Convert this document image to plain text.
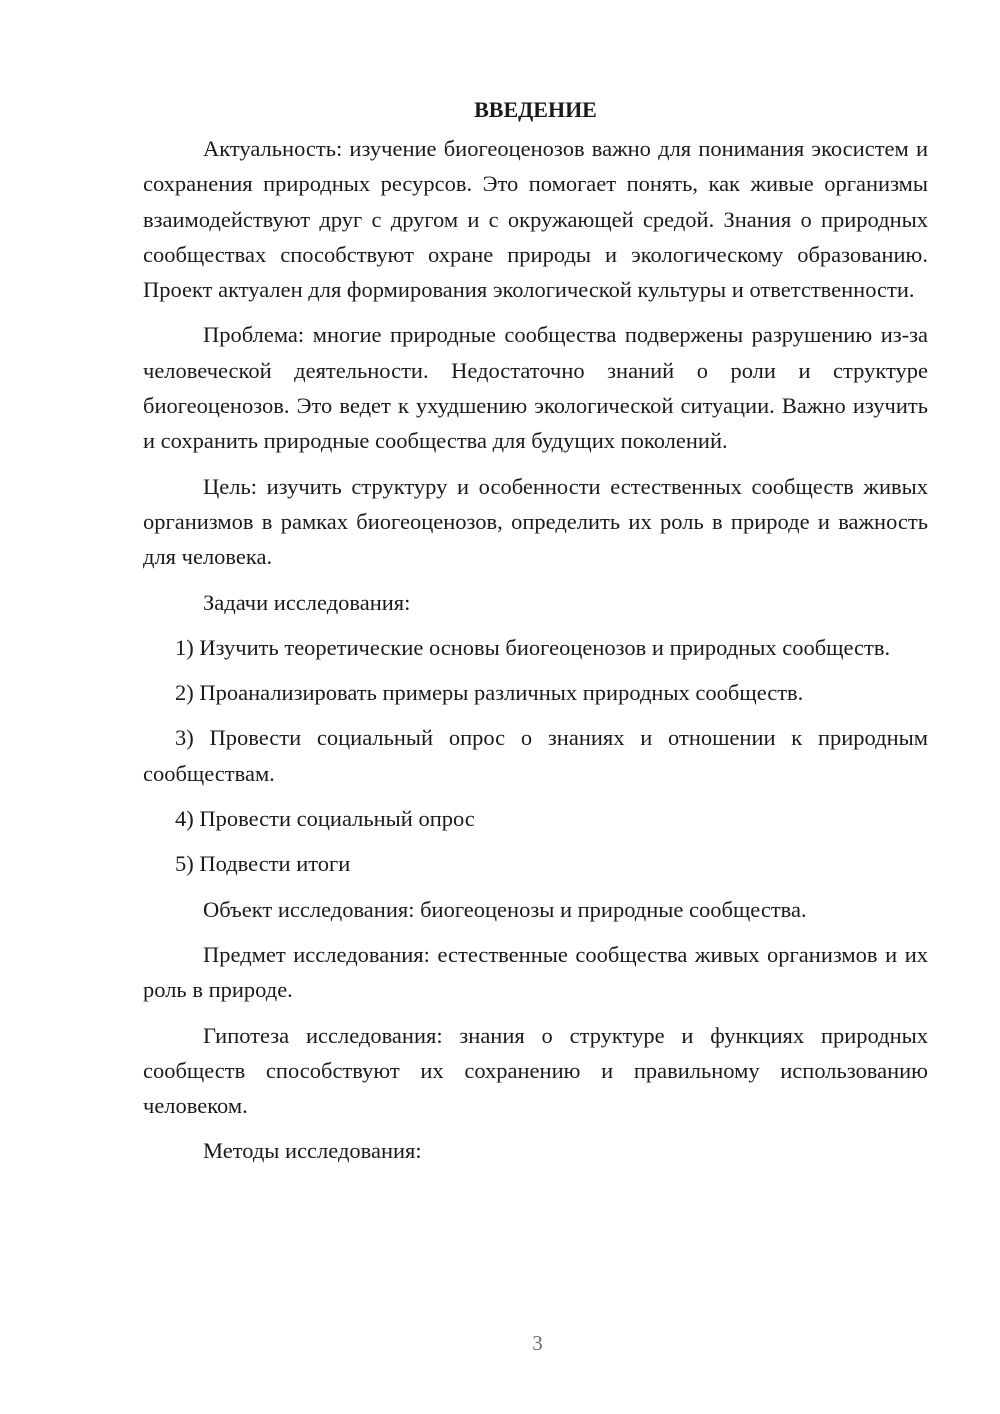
ВВЕДЕНИЕ

Актуальность: изучение биогеоценозов важно для понимания экосистем и сохранения природных ресурсов. Это помогает понять, как живые организмы взаимодействуют друг с другом и с окружающей средой. Знания о природных сообществах способствуют охране природы и экологическому образованию. Проект актуален для формирования экологической культуры и ответственности.

Проблема: многие природные сообщества подвержены разрушению из-за человеческой деятельности. Недостаточно знаний о роли и структуре биогеоценозов. Это ведет к ухудшению экологической ситуации. Важно изучить и сохранить природные сообщества для будущих поколений.

Цель: изучить структуру и особенности естественных сообществ живых организмов в рамках биогеоценозов, определить их роль в природе и важность для человека.

Задачи исследования:

1) Изучить теоретические основы биогеоценозов и природных сообществ.

2) Проанализировать примеры различных природных сообществ.

3) Провести социальный опрос о знаниях и отношении к природным сообществам.

4) Провести социальный опрос

5) Подвести итоги

Объект исследования: биогеоценозы и природные сообщества.

Предмет исследования: естественные сообщества живых организмов и их роль в природе.

Гипотеза исследования: знания о структуре и функциях природных сообществ способствуют их сохранению и правильному использованию человеком.

Методы исследования:

3
